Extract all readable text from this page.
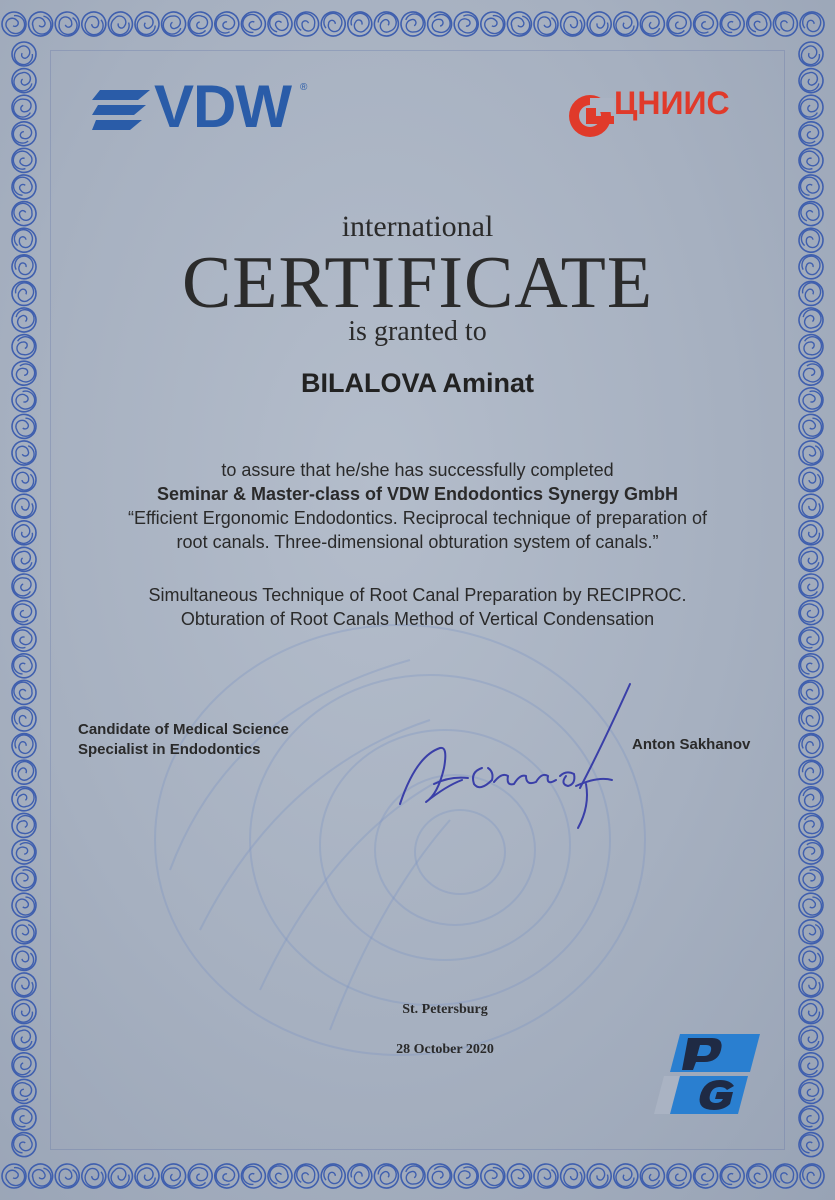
VDW ®	ЦНИИС
international
CERTIFICATE
is granted to
BILALOVA Aminat
to assure that he/she has successfully completed
Seminar & Master-class of VDW Endodontics Synergy GmbH
“Efficient Ergonomic Endodontics. Reciprocal technique of preparation of
root canals. Three-dimensional obturation system of canals.”
Simultaneous Technique of Root Canal Preparation by RECIPROC.
Obturation of Root Canals Method of Vertical Condensation
Candidate of Medical Science
Specialist in Endodontics	Anton Sakhanov
St. Petersburg
28 October 2020
